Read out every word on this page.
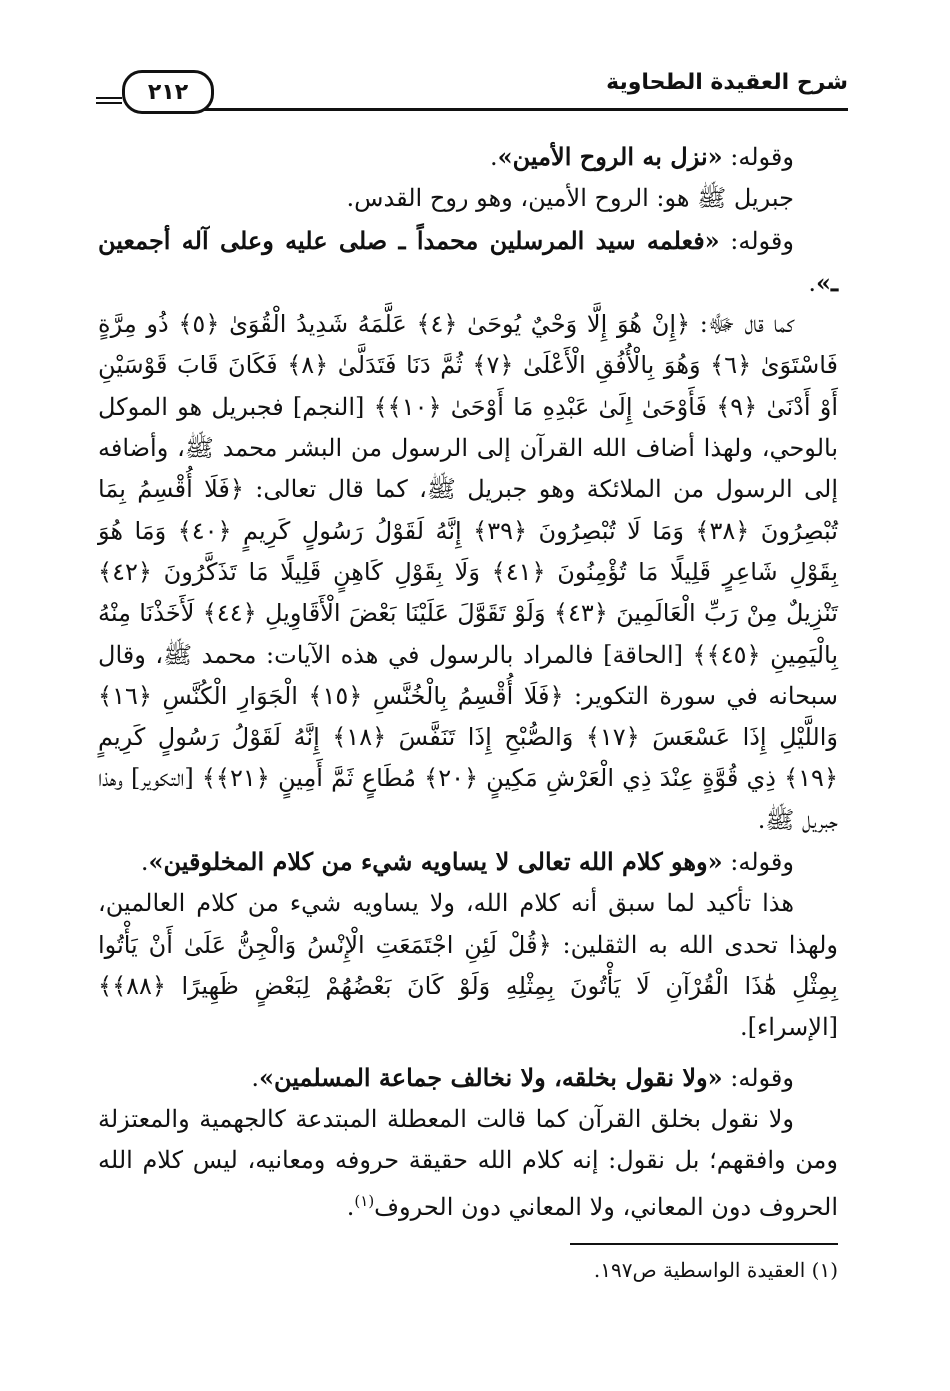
٢١٢	شرح العقيدة الطحاوية

وقوله: «نزل به الروح الأمين».

جبريل ﷺ هو: الروح الأمين، وهو روح القدس.

وقوله: «فعلمه سيد المرسلين محمداً ـ صلى عليه وعلى آله أجمعين ـ».

كما قال ﷻ: ﴿إِنْ هُوَ إِلَّا وَحْيٌ يُوحَىٰ ﴿٤﴾ عَلَّمَهُ شَدِيدُ الْقُوَىٰ ﴿٥﴾ ذُو مِرَّةٍ فَاسْتَوَىٰ ﴿٦﴾ وَهُوَ بِالْأُفُقِ الْأَعْلَىٰ ﴿٧﴾ ثُمَّ دَنَا فَتَدَلَّىٰ ﴿٨﴾ فَكَانَ قَابَ قَوْسَيْنِ أَوْ أَدْنَىٰ ﴿٩﴾ فَأَوْحَىٰ إِلَىٰ عَبْدِهِ مَا أَوْحَىٰ ﴿١٠﴾﴾ [النجم] فجبريل هو الموكل بالوحي، ولهذا أضاف الله القرآن إلى الرسول من البشر محمد ﷺ، وأضافه إلى الرسول من الملائكة وهو جبريل ﷺ، كما قال تعالى: ﴿فَلَا أُقْسِمُ بِمَا تُبْصِرُونَ ﴿٣٨﴾ وَمَا لَا تُبْصِرُونَ ﴿٣٩﴾ إِنَّهُ لَقَوْلُ رَسُولٍ كَرِيمٍ ﴿٤٠﴾ وَمَا هُوَ بِقَوْلِ شَاعِرٍ قَلِيلًا مَا تُؤْمِنُونَ ﴿٤١﴾ وَلَا بِقَوْلِ كَاهِنٍ قَلِيلًا مَا تَذَكَّرُونَ ﴿٤٢﴾ تَنْزِيلٌ مِنْ رَبِّ الْعَالَمِينَ ﴿٤٣﴾ وَلَوْ تَقَوَّلَ عَلَيْنَا بَعْضَ الْأَقَاوِيلِ ﴿٤٤﴾ لَأَخَذْنَا مِنْهُ بِالْيَمِينِ ﴿٤٥﴾﴾ [الحاقة] فالمراد بالرسول في هذه الآيات: محمد ﷺ، وقال سبحانه في سورة التكوير: ﴿فَلَا أُقْسِمُ بِالْخُنَّسِ ﴿١٥﴾ الْجَوَارِ الْكُنَّسِ ﴿١٦﴾ وَاللَّيْلِ إِذَا عَسْعَسَ ﴿١٧﴾ وَالصُّبْحِ إِذَا تَنَفَّسَ ﴿١٨﴾ إِنَّهُ لَقَوْلُ رَسُولٍ كَرِيمٍ ﴿١٩﴾ ذِي قُوَّةٍ عِنْدَ ذِي الْعَرْشِ مَكِينٍ ﴿٢٠﴾ مُطَاعٍ ثَمَّ أَمِينٍ ﴿٢١﴾﴾ [التكوير] وهذا جبريل ﷺ.

وقوله: «وهو كلام الله تعالى لا يساويه شيء من كلام المخلوقين».

هذا تأكيد لما سبق أنه كلام الله، ولا يساويه شيء من كلام العالمين، ولهذا تحدى الله به الثقلين: ﴿قُلْ لَئِنِ اجْتَمَعَتِ الْإِنْسُ وَالْجِنُّ عَلَىٰ أَنْ يَأْتُوا بِمِثْلِ هَٰذَا الْقُرْآنِ لَا يَأْتُونَ بِمِثْلِهِ وَلَوْ كَانَ بَعْضُهُمْ لِبَعْضٍ ظَهِيرًا ﴿٨٨﴾﴾ [الإسراء].

وقوله: «ولا نقول بخلقه، ولا نخالف جماعة المسلمين».

ولا نقول بخلق القرآن كما قالت المعطلة المبتدعة كالجهمية والمعتزلة ومن وافقهم؛ بل نقول: إنه كلام الله حقيقة حروفه ومعانيه، ليس كلام الله الحروف دون المعاني، ولا المعاني دون الحروف$^{(١)}$.

(١) العقيدة الواسطية ص١٩٧.
